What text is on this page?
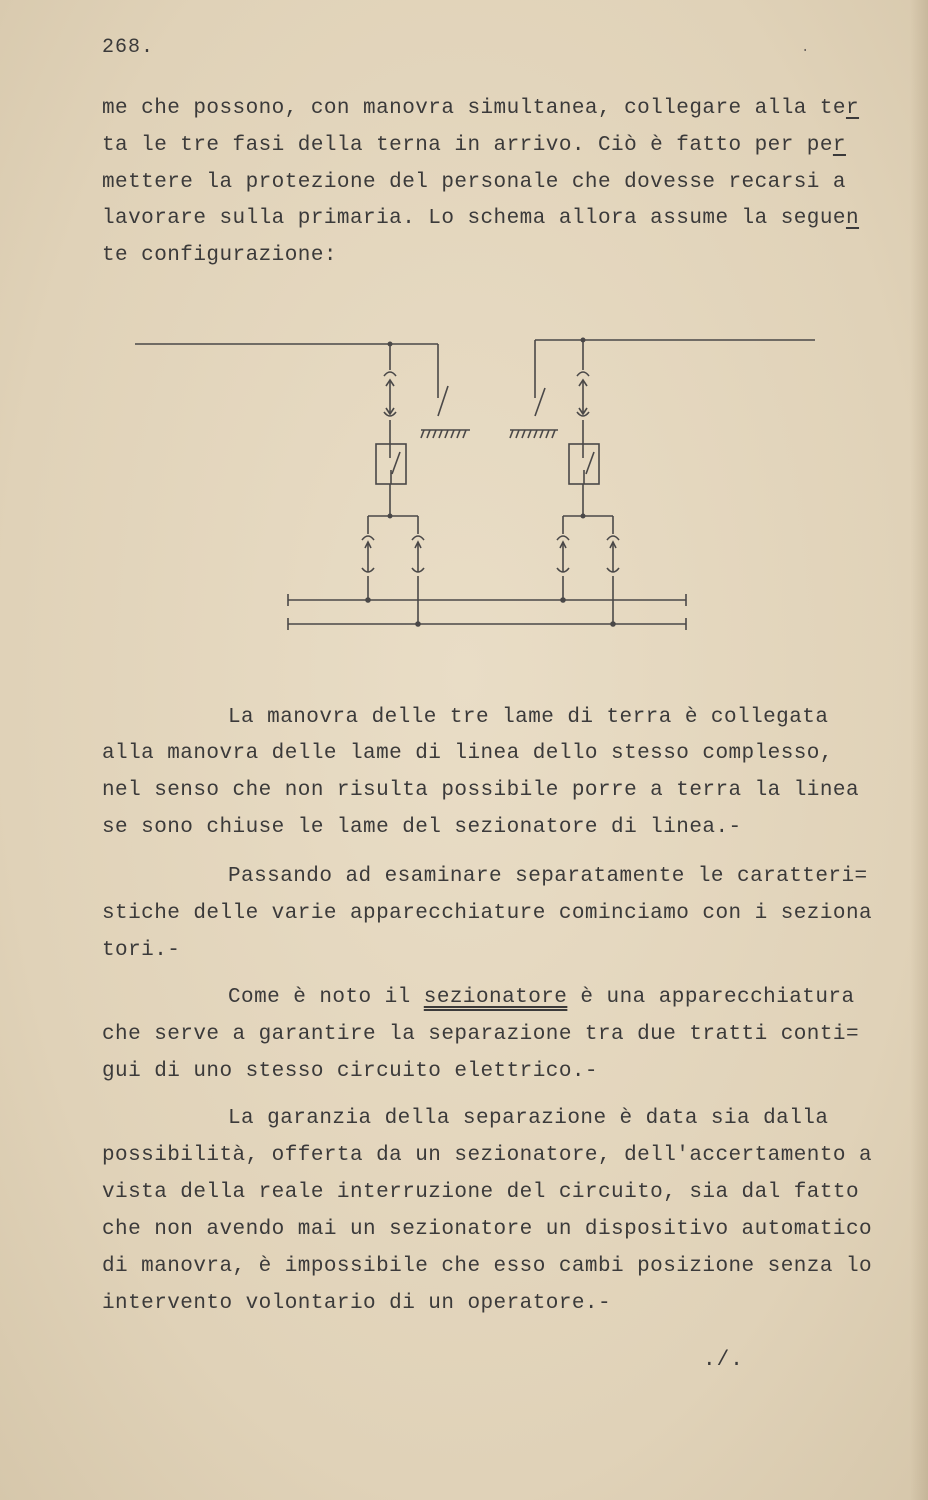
268.	.
me che possono, con manovra simultanea, collegare alla ter
ta le tre fasi della terna in arrivo. Ciò è fatto per per
mettere la protezione del personale che dovesse recarsi a
lavorare sulla primaria. Lo schema allora assume la seguen
te configurazione:
La manovra delle tre lame di terra è collegata
alla manovra delle lame di linea dello stesso complesso,
nel senso che non risulta possibile porre a terra la linea
se sono chiuse le lame del sezionatore di linea.-
Passando ad esaminare separatamente le caratteri=
stiche delle varie apparecchiature cominciamo con i seziona
tori.-
Come è noto il sezionatore è una apparecchiatura
che serve a garantire la separazione tra due tratti conti=
gui di uno stesso circuito elettrico.-
La garanzia della separazione è data sia dalla
possibilità, offerta da un sezionatore, dell'accertamento a
vista della reale interruzione del circuito, sia dal fatto
che non avendo mai un sezionatore un dispositivo automatico
di manovra, è impossibile che esso cambi posizione senza lo
intervento volontario di un operatore.-
./.
